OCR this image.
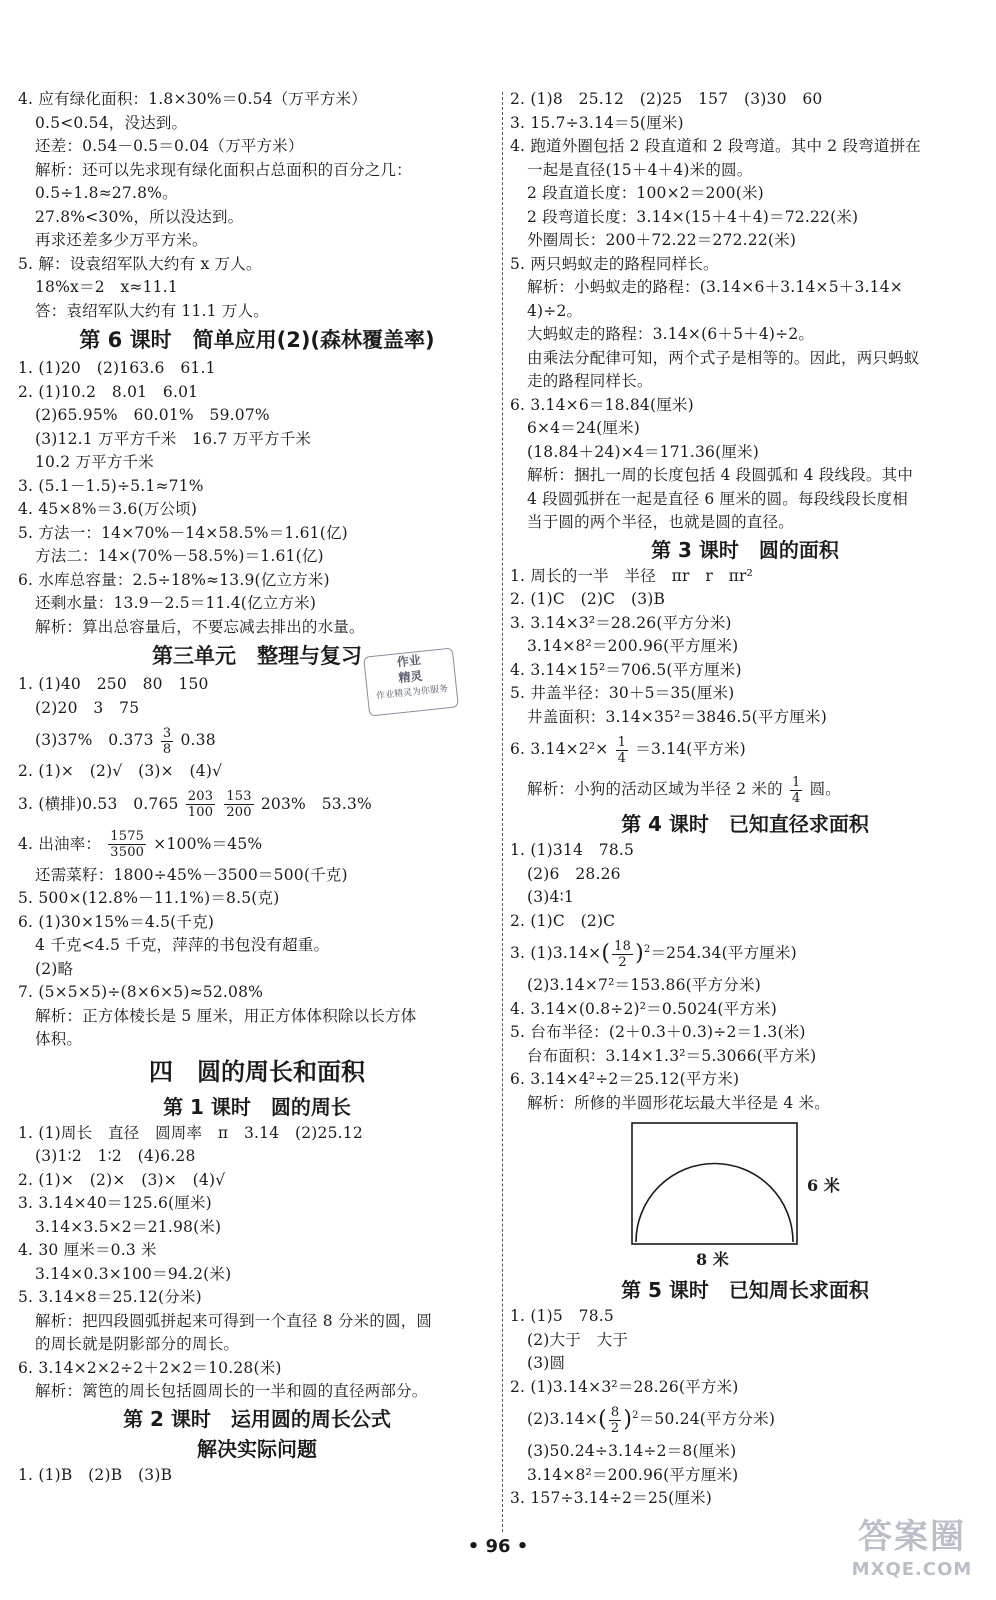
4. 应有绿化面积：1.8×30%＝0.54（万平方米）
0.5<0.54，没达到。
还差：0.54－0.5＝0.04（万平方米）
解析：还可以先求现有绿化面积占总面积的百分之几：
0.5÷1.8≈27.8%。
27.8%<30%，所以没达到。
再求还差多少万平方米。
5. 解：设袁绍军队大约有 x 万人。
18%x＝2　x≈11.1
答：袁绍军队大约有 11.1 万人。
第 6 课时　简单应用(2)(森林覆盖率)
1. (1)20　(2)163.6　61.1
2. (1)10.2　8.01　6.01
(2)65.95%　60.01%　59.07%
(3)12.1 万平方千米　16.7 万平方千米
10.2 万平方千米
3. (5.1－1.5)÷5.1≈71%
4. 45×8%＝3.6(万公顷)
5. 方法一：14×70%－14×58.5%＝1.61(亿)
方法二：14×(70%－58.5%)＝1.61(亿)
6. 水库总容量：2.5÷18%≈13.9(亿立方米)
还剩水量：13.9－2.5＝11.4(亿立方米)
解析：算出总容量后，不要忘减去排出的水量。
第三单元　整理与复习
1. (1)40　250　80　150
(2)20　3　75
(3)37%　$0.373 \frac{3}{8} 0.38$
2. (1)×　(2)√　(3)×　(4)√
3. (横排)0.53　$0.765 \frac{203}{100}$
$\frac{153}{200} 203\%$　53.3%
4. 出油率： $\frac{1575}{3500} \times 100\%=45\%$
还需菜籽：1800÷45%－3500＝500(千克)
5. 500×(12.8%－11.1%)＝8.5(克)
6. (1)30×15%＝4.5(千克)
4 千克<4.5 千克，萍萍的书包没有超重。
(2)略
7. (5×5×5)÷(8×6×5)≈52.08%
解析：正方体棱长是 5 厘米，用正方体体积除以长方体
体积。
四　圆的周长和面积
第 1 课时　圆的周长
1. (1)周长　直径　圆周率　π　3.14　(2)25.12
(3)1∶2　1∶2　(4)6.28
2. (1)×　(2)×　(3)×　(4)√
3. 3.14×40＝125.6(厘米)
3.14×3.5×2＝21.98(米)
4. 30 厘米＝0.3 米
3.14×0.3×100＝94.2(米)
5. 3.14×8＝25.12(分米)
解析：把四段圆弧拼起来可得到一个直径 8 分米的圆，圆
的周长就是阴影部分的周长。
6. 3.14×2×2÷2＋2×2＝10.28(米)
解析：篱笆的周长包括圆周长的一半和圆的直径两部分。
第 2 课时　运用圆的周长公式
解决实际问题
1. (1)B　(2)B　(3)B
2. (1)8　25.12　(2)25　157　(3)30　60
3. 15.7÷3.14＝5(厘米)
4. 跑道外圈包括 2 段直道和 2 段弯道。其中 2 段弯道拼在
一起是直径(15＋4＋4)米的圆。
2 段直道长度：100×2＝200(米)
2 段弯道长度：3.14×(15＋4＋4)＝72.22(米)
外圈周长：200＋72.22＝272.22(米)
5. 两只蚂蚁走的路程同样长。
解析：小蚂蚁走的路程：(3.14×6＋3.14×5＋3.14×
4)÷2。
大蚂蚁走的路程：3.14×(6＋5＋4)÷2。
由乘法分配律可知，两个式子是相等的。因此，两只蚂蚁
走的路程同样长。
6. 3.14×6＝18.84(厘米)
6×4＝24(厘米)
(18.84＋24)×4＝171.36(厘米)
解析：捆扎一周的长度包括 4 段圆弧和 4 段线段。其中
4 段圆弧拼在一起是直径 6 厘米的圆。每段线段长度相
当于圆的两个半径，也就是圆的直径。
第 3 课时　圆的面积
1. 周长的一半　半径　πr　r　πr²
2. (1)C　(2)C　(3)B
3. 3.14×3²＝28.26(平方分米)
3.14×8²＝200.96(平方厘米)
4. 3.14×15²＝706.5(平方厘米)
5. 井盖半径：30＋5＝35(厘米)
井盖面积：3.14×35²＝3846.5(平方厘米)
6. $3.14\times 2^2\times \frac{1}{4} =3.14$(平方米)
解析：小狗的活动区域为半径 2 米的 $\frac{1}{4}$ 圆。
第 4 课时　已知直径求面积
1. (1)314　78.5
(2)6　28.26
(3)4∶1
2. (1)C　(2)C
3. $(1)3.14\times( \frac{18}{2} )^2=254.34$(平方厘米)
(2)3.14×7²＝153.86(平方分米)
4. 3.14×(0.8÷2)²＝0.5024(平方米)
5. 台布半径：(2＋0.3＋0.3)÷2＝1.3(米)
台布面积：3.14×1.3²＝5.3066(平方米)
6. 3.14×4²÷2＝25.12(平方米)
解析：所修的半圆形花坛最大半径是 4 米。
6 米
8 米
第 5 课时　已知周长求面积
1. (1)5　78.5
(2)大于　大于
(3)圆
2. (1)3.14×3²＝28.26(平方米)
$(2)3.14\times( \frac{8}{2} )^2=50.24$(平方分米)
(3)50.24÷3.14÷2＝8(厘米)
3.14×8²＝200.96(平方厘米)
3. 157÷3.14÷2＝25(厘米)
作业
精灵
作业精灵为你服务
• 96 •	答案圈
MXQE.COM
